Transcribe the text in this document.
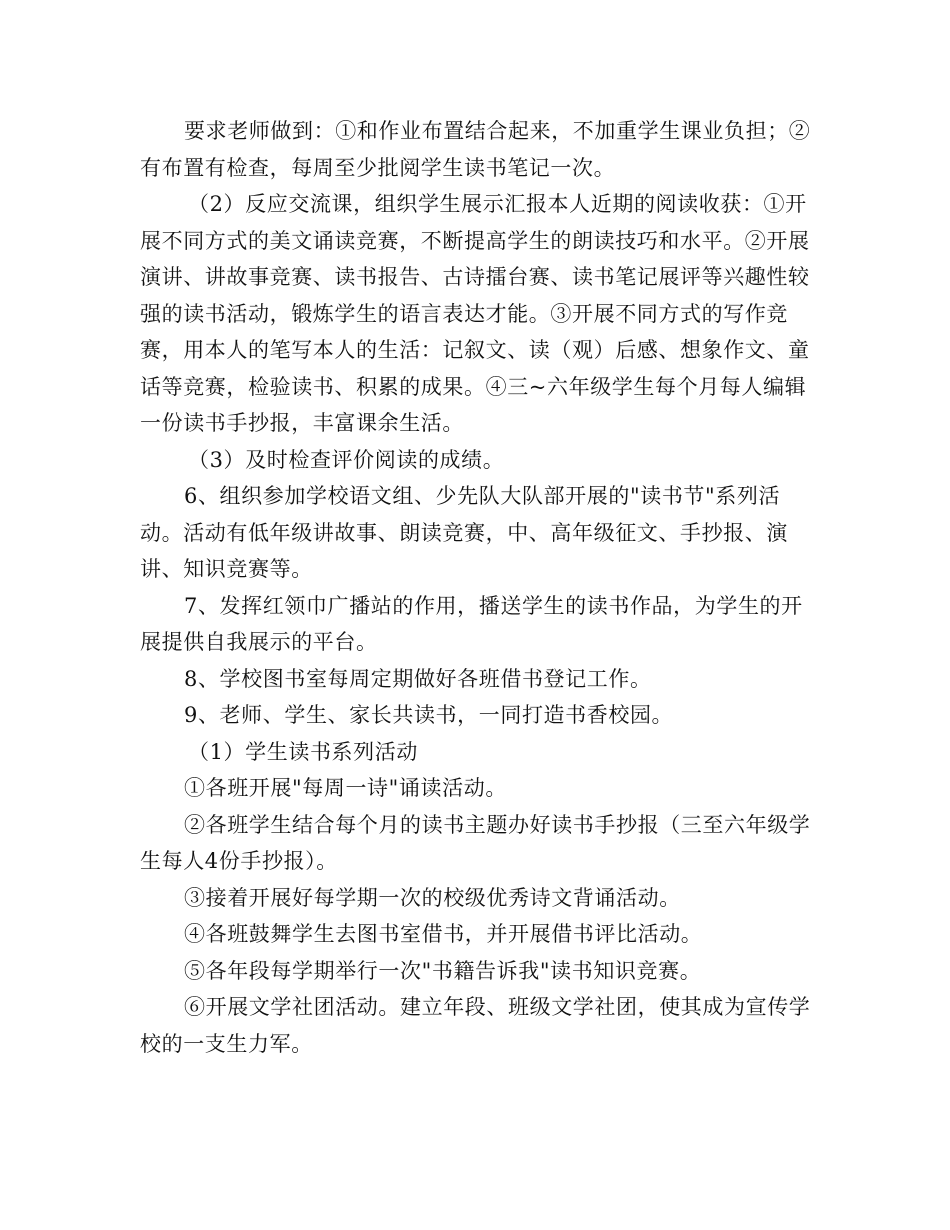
要求老师做到：①和作业布置结合起来，不加重学生课业负担；②有布置有检查，每周至少批阅学生读书笔记一次。

（2）反应交流课，组织学生展示汇报本人近期的阅读收获：①开展不同方式的美文诵读竞赛，不断提高学生的朗读技巧和水平。②开展演讲、讲故事竞赛、读书报告、古诗擂台赛、读书笔记展评等兴趣性较强的读书活动，锻炼学生的语言表达才能。③开展不同方式的写作竞赛，用本人的笔写本人的生活：记叙文、读（观）后感、想象作文、童话等竞赛，检验读书、积累的成果。④三~六年级学生每个月每人编辑一份读书手抄报，丰富课余生活。

（3）及时检查评价阅读的成绩。

6、组织参加学校语文组、少先队大队部开展的"读书节"系列活动。活动有低年级讲故事、朗读竞赛，中、高年级征文、手抄报、演讲、知识竞赛等。

7、发挥红领巾广播站的作用，播送学生的读书作品，为学生的开展提供自我展示的平台。

8、学校图书室每周定期做好各班借书登记工作。

9、老师、学生、家长共读书，一同打造书香校园。

（1）学生读书系列活动

①各班开展"每周一诗"诵读活动。

②各班学生结合每个月的读书主题办好读书手抄报（三至六年级学生每人4份手抄报）。

③接着开展好每学期一次的校级优秀诗文背诵活动。

④各班鼓舞学生去图书室借书，并开展借书评比活动。

⑤各年段每学期举行一次"书籍告诉我"读书知识竞赛。

⑥开展文学社团活动。建立年段、班级文学社团，使其成为宣传学校的一支生力军。
